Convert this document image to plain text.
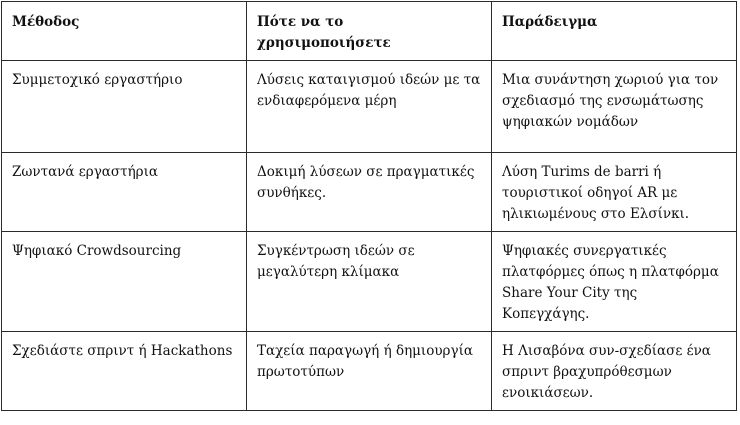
Μέθοδος	Πότε να το χρησιμοποιήσετε	Παράδειγμα
Συμμετοχικό εργαστήριο	Λύσεις καταιγισμού ιδεών με τα ενδιαφερόμενα μέρη	Μια συνάντηση χωριού για τον σχεδιασμό της ενσωμάτωσης ψηφιακών νομάδων
Ζωντανά εργαστήρια	Δοκιμή λύσεων σε πραγματικές συνθήκες.	Λύση Turims de barri ή τουριστικοί οδηγοί AR με ηλικιωμένους στο Ελσίνκι.
Ψηφιακό Crowdsourcing	Συγκέντρωση ιδεών σε μεγαλύτερη κλίμακα	Ψηφιακές συνεργατικές πλατφόρμες όπως η πλατφόρμα Share Your City της Κοπεγχάγης.
Σχεδιάστε σπριντ ή Hackathons	Ταχεία παραγωγή ή δημιουργία πρωτοτύπων	Η Λισαβόνα συν-σχεδίασε ένα σπριντ βραχυπρόθεσμων ενοικιάσεων.
